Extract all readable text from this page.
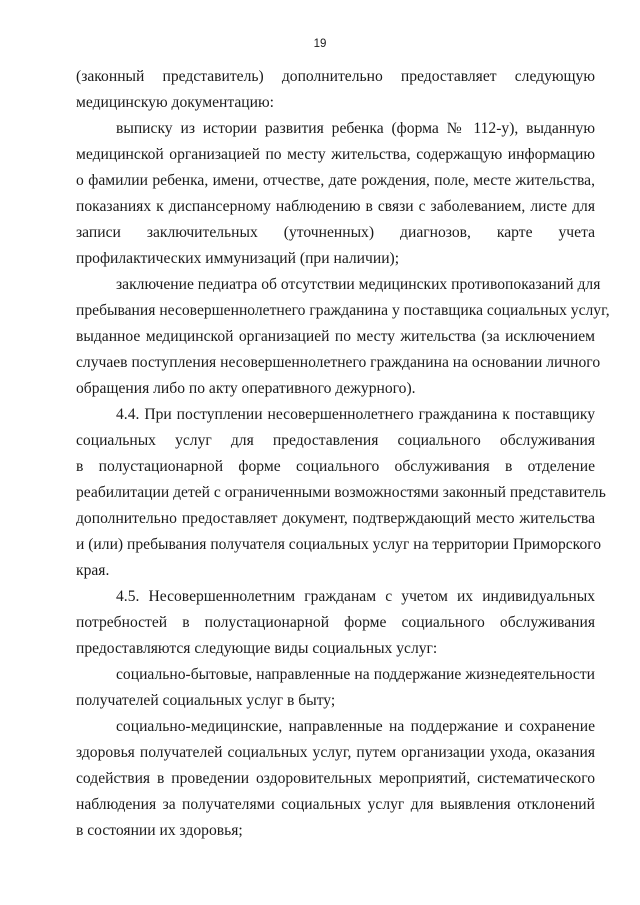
19
(законный представитель) дополнительно предоставляет следующую
медицинскую документацию:
выписку из истории развития ребенка (форма № 112-у), выданную
медицинской организацией по месту жительства, содержащую информацию
о фамилии ребенка, имени, отчестве, дате рождения, поле, месте жительства,
показаниях к диспансерному наблюдению в связи с заболеванием, листе для
записи заключительных (уточненных) диагнозов, карте учета
профилактических иммунизаций (при наличии);
заключение педиатра об отсутствии медицинских противопоказаний для
пребывания несовершеннолетнего гражданина у поставщика социальных услуг,
выданное медицинской организацией по месту жительства (за исключением
случаев поступления несовершеннолетнего гражданина на основании личного
обращения либо по акту оперативного дежурного).
4.4. При поступлении несовершеннолетнего гражданина к поставщику
социальных услуг для предоставления социального обслуживания
в полустационарной форме социального обслуживания в отделение
реабилитации детей с ограниченными возможностями законный представитель
дополнительно предоставляет документ, подтверждающий место жительства
и (или) пребывания получателя социальных услуг на территории Приморского
края.
4.5. Несовершеннолетним гражданам с учетом их индивидуальных
потребностей в полустационарной форме социального обслуживания
предоставляются следующие виды социальных услуг:
социально-бытовые, направленные на поддержание жизнедеятельности
получателей социальных услуг в быту;
социально-медицинские, направленные на поддержание и сохранение
здоровья получателей социальных услуг, путем организации ухода, оказания
содействия в проведении оздоровительных мероприятий, систематического
наблюдения за получателями социальных услуг для выявления отклонений
в состоянии их здоровья;
